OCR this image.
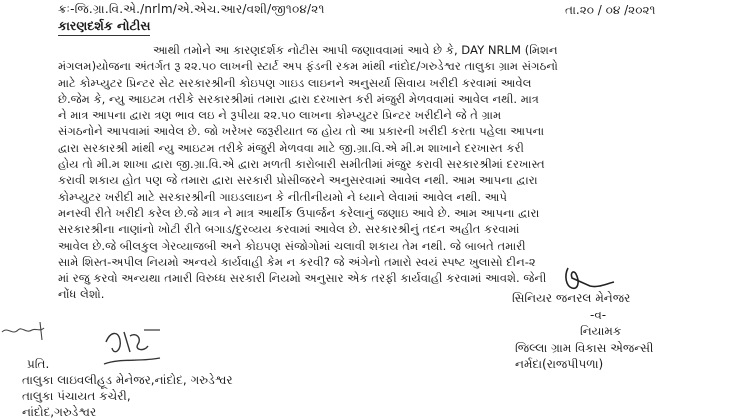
ક્રઃ-જિ.ગ્રા.વિ.એ./nrlm/એ.એચ.આર/વશી/જી૧૦૪/૨૧	તા.૨૦ / ૦૪ /૨૦૨૧
કારણદર્શક નોટીસ
આથી તમોને આ કારણદર્શક નોટીસ આપી જણાવવામાં આવે છે કે, DAY NRLM (મિશન
મંગલમ)યોજના અંતર્ગત રૂ ૨૨.૫૦ લાખની સ્ટાર્ટ અપ ફંડની રકમ માંથી નાંદોદ/ગરુડેશ્વર તાલુકા ગ્રામ સંગઠનો
માટે કોમ્પ્યુટર પ્રિન્ટર સેટ સરકારશ્રીની કોઇપણ ગાઇડ લાઇનને અનુસર્યા સિવાય ખરીદી કરવામાં આવેલ
છે.જેમ કે, ન્યુ આઇટમ તરીકે સરકારશ્રીમાં તમારા દ્વારા દરખાસ્ત કરી મંજુરી મેળવવામાં આવેલ નથી. માત્ર
ને માત્ર આપના દ્વારા ત્રણ ભાવ લઇ ને રૂપીયા ૨૨.૫૦ લાખના કોમ્પ્યુટર પ્રિન્ટર ખરીદીને જે તે ગ્રામ
સંગઠનોને આપવામાં આવેલ છે. જો ખરેખર જરૂરીયાત જ હોય તો આ પ્રકારની ખરીદી કરતા પહેલા આપના
દ્વારા સરકારશ્રી માંથી ન્યુ આઇટમ તરીકે મંજુરી મેળવવા માટે જી.ગ્રા.વિ.એ મી.મ શાખાને દરખાસ્ત કરી
હોય તો મી.મ શાખા દ્વારા જી.ગ્રા.વિ.એ દ્વારા મળતી કારોબારી સમીતીમાં મંજુર કરાવી સરકારશ્રીમાં દરખાસ્ત
કરાવી શકાય હોત પણ જે તમારા દ્વારા સરકારી પ્રોસીજરને અનુસરવામાં આવેલ નથી. આમ આપના દ્વારા
કોમ્પ્યુટર ખરીદી માટે સરકારશ્રીની ગાઇડલાઇન કે નીતીનીયમો ને ધ્યાને લેવામાં આવેલ નથી. આપે
મનસ્વી રીતે ખરીદી કરેલ છે.જે માત્ર ને માત્ર આર્થીક ઉપાર્જન કરેલાનું જણાઇ આવે છે. આમ આપના દ્વારા
સરકારશ્રીના નાણાંનો ખોટી રીતે બગાડ/દુરવ્યય કરવામાં આવેલ છે. સરકારશ્રીનું તદન અહીત કરવામાં
આવેલ છે.જે બીલકુલ ગેરવ્યાજબી અને કોઇપણ સંજોગોમાં ચલાવી શકાય તેમ નથી. જે બાબતે તમારી
સામે શિસ્ત-અપીલ નિયમો અન્વયે કાર્યવાહી કેમ ન કરવી? જે અંગેનો તમારો સ્વયં સ્પષ્ટ ખુલાસો દીન-૨
માં રજુ કરવો અન્યથા તમારી વિરુધ્ધ સરકારી નિયમો અનુસાર એક તરફી કાર્યવાહી કરવામાં આવશે. જેની
નોંધ લેશો.	સિનિયર જનરલ મેનેજર
-વ-
નિયામક
જિલ્લા ગ્રામ વિકાસ એજન્સી
નર્મદા(રાજપીપળા)
પ્રતિ.
તાલુકા લાઇવલીહૂડ મેનેજર,નાંદોદ, ગરુડેશ્વર
તાલુકા પંચાયત કચેરી,
નાંદોદ,ગરુડેશ્વર
